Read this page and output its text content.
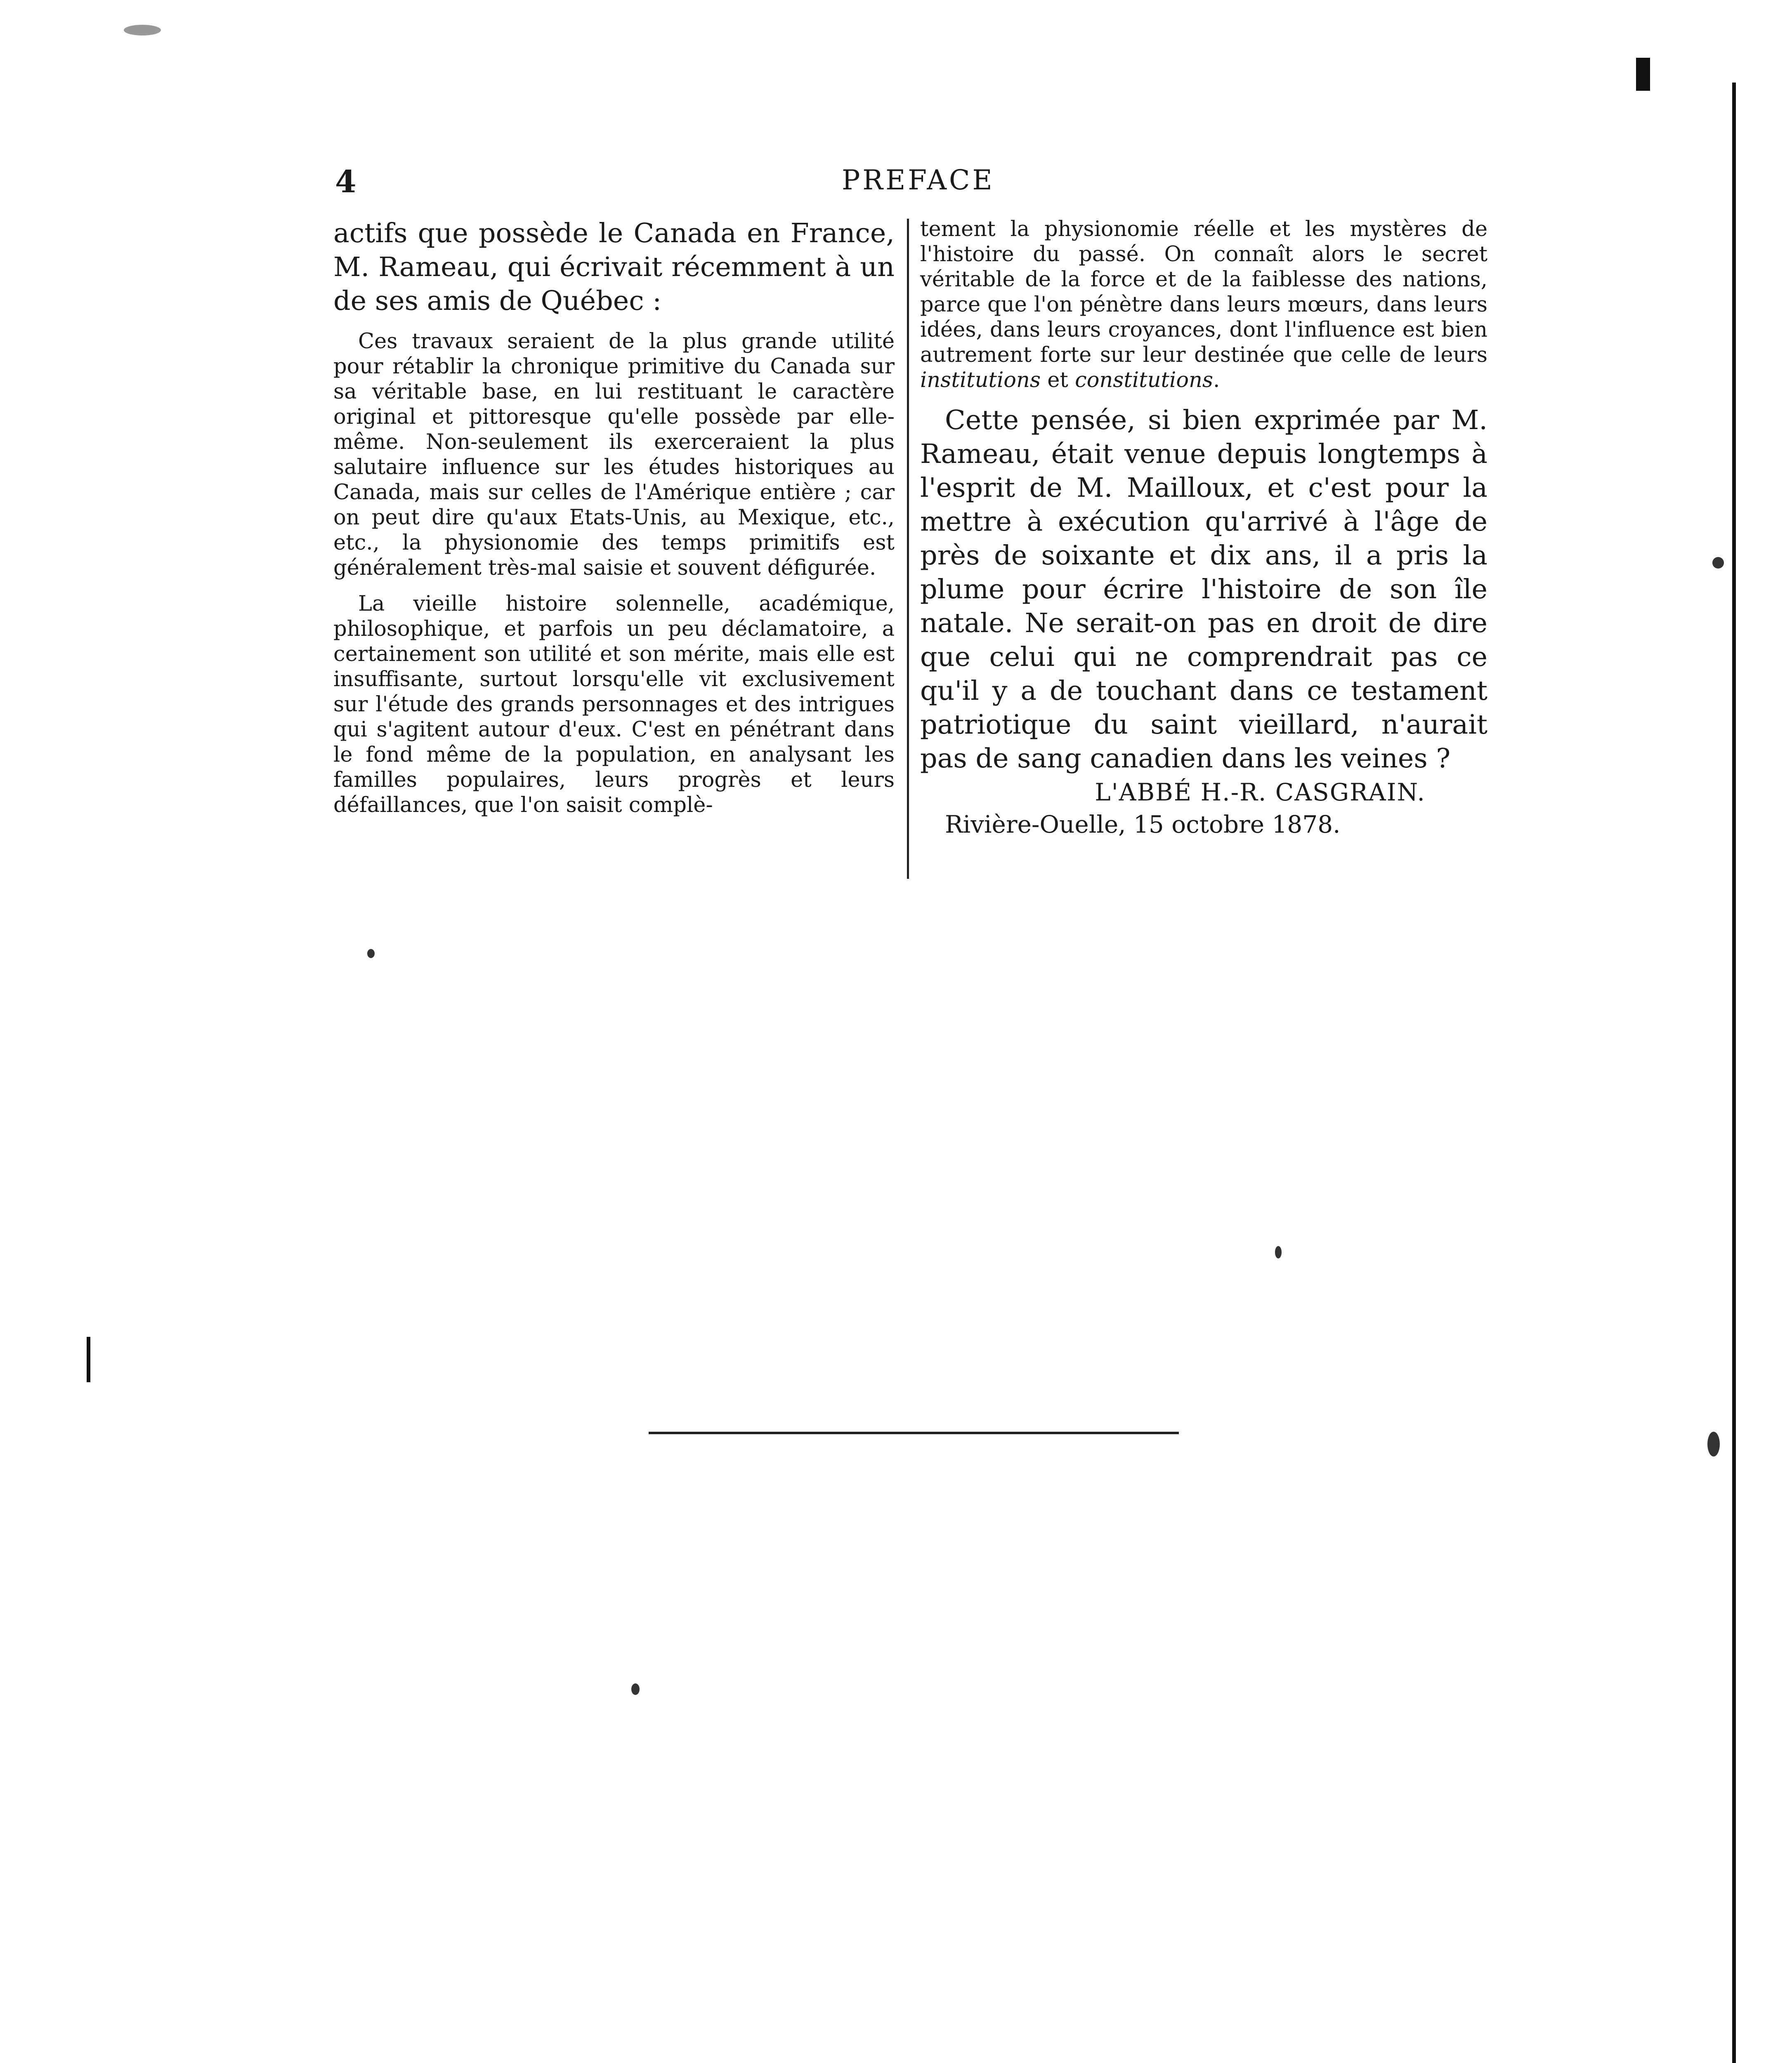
4	PREFACE

actifs que possède le Canada en France, M. Rameau, qui écrivait récemment à un de ses amis de Québec :

Ces travaux seraient de la plus grande utilité pour rétablir la chronique primitive du Canada sur sa véritable base, en lui restituant le caractère original et pittoresque qu'elle possède par elle-même. Non-seulement ils exerceraient la plus salutaire influence sur les études historiques au Canada, mais sur celles de l'Amérique entière ; car on peut dire qu'aux Etats-Unis, au Mexique, etc., etc., la physionomie des temps primitifs est généralement très-mal saisie et souvent défigurée.

La vieille histoire solennelle, académique, philosophique, et parfois un peu déclamatoire, a certainement son utilité et son mérite, mais elle est insuffisante, surtout lorsqu'elle vit exclusivement sur l'étude des grands personnages et des intrigues qui s'agitent autour d'eux. C'est en pénétrant dans le fond même de la population, en analysant les familles populaires, leurs progrès et leurs défaillances, que l'on saisit complè-

tement la physionomie réelle et les mystères de l'histoire du passé. On connaît alors le secret véritable de la force et de la faiblesse des nations, parce que l'on pénètre dans leurs mœurs, dans leurs idées, dans leurs croyances, dont l'influence est bien autrement forte sur leur destinée que celle de leurs institutions et constitutions.

Cette pensée, si bien exprimée par M. Rameau, était venue depuis longtemps à l'esprit de M. Mailloux, et c'est pour la mettre à exécution qu'arrivé à l'âge de près de soixante et dix ans, il a pris la plume pour écrire l'histoire de son île natale. Ne serait-on pas en droit de dire que celui qui ne comprendrait pas ce qu'il y a de touchant dans ce testament patriotique du saint vieillard, n'aurait pas de sang canadien dans les veines ?

L'ABBÉ H.-R. CASGRAIN.
Rivière-Ouelle, 15 octobre 1878.
